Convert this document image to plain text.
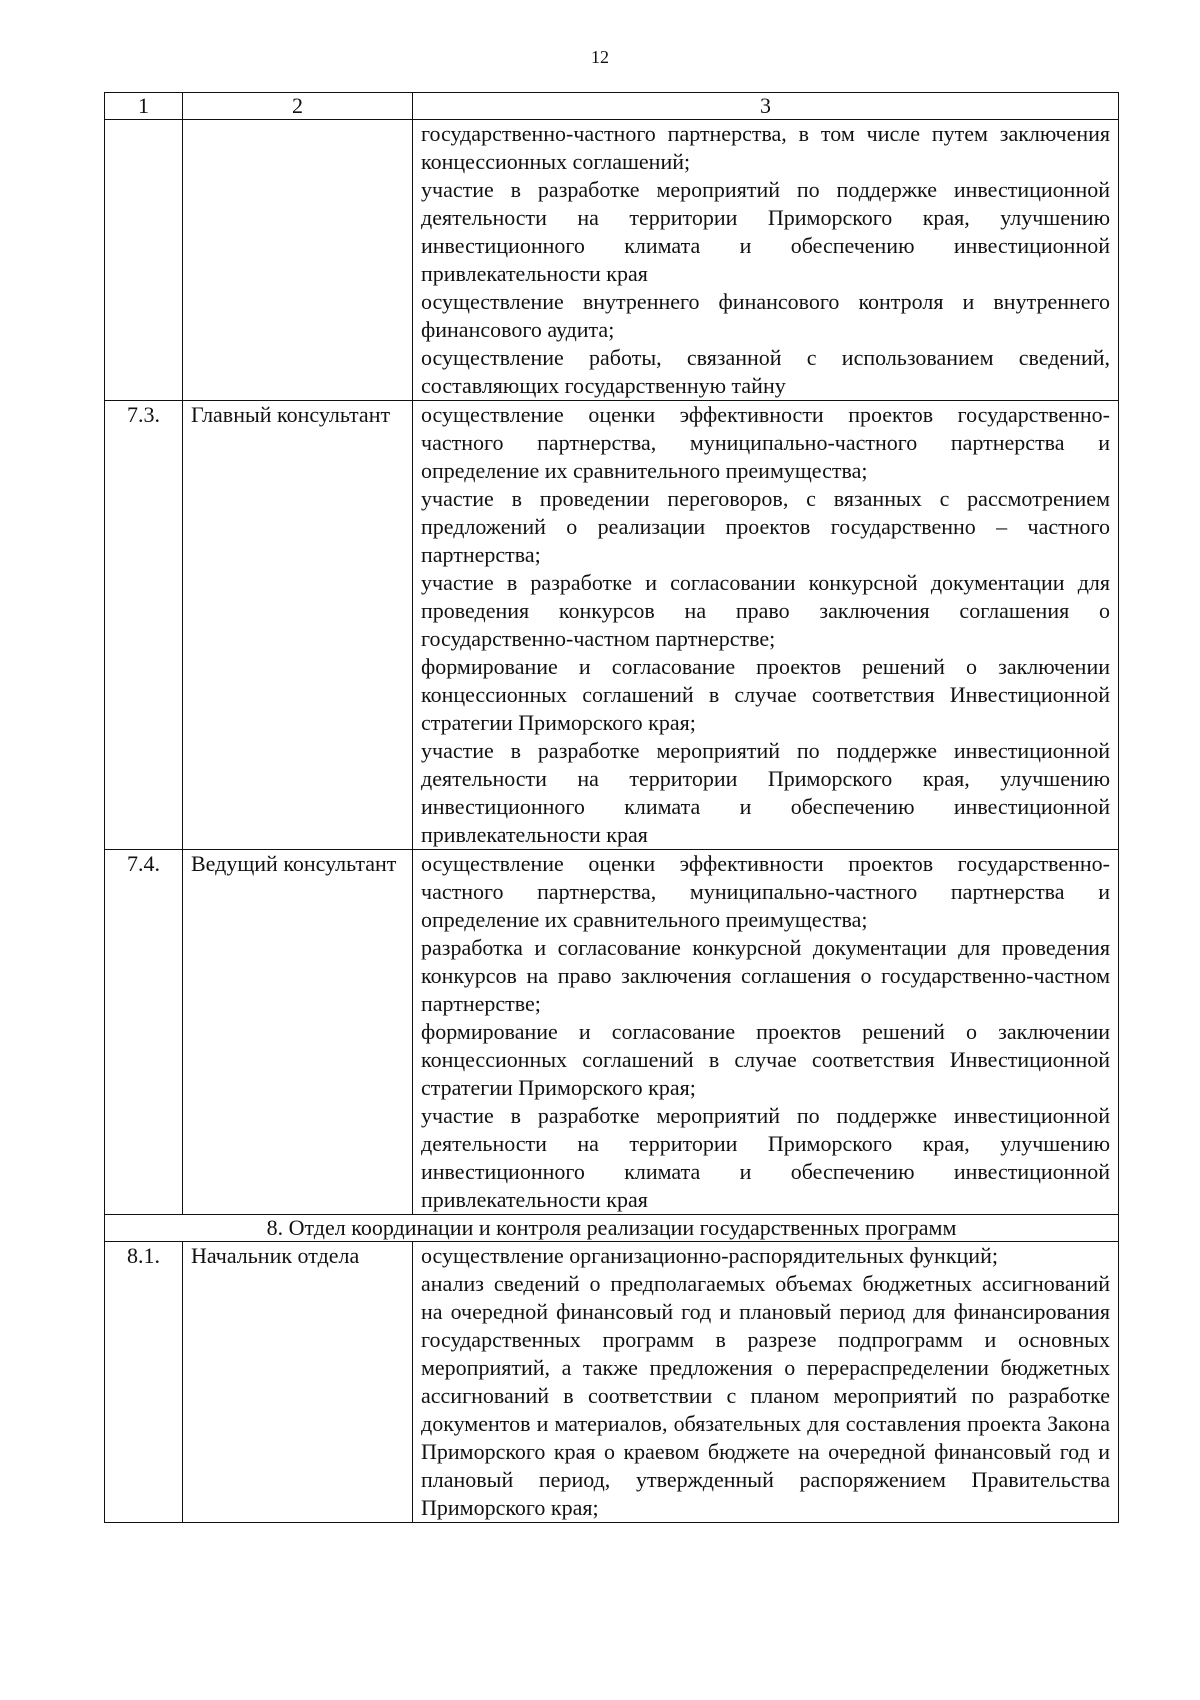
12
1	2	3

		государственно-частного партнерства, в том числе путем заключения концессионных соглашений;
участие в разработке мероприятий по поддержке инвестиционной деятельности на территории Приморского края, улучшению инвестиционного климата и обеспечению инвестиционной привлекательности края
осуществление внутреннего финансового контроля и внутреннего финансового аудита;
осуществление работы, связанной с использованием сведений, составляющих государственную тайну

7.3.	Главный консультант	осуществление оценки эффективности проектов государственно-частного партнерства, муниципально-частного партнерства и определение их сравнительного преимущества;
участие в проведении переговоров, с вязанных с рассмотрением предложений о реализации проектов государственно – частного партнерства;
участие в разработке и согласовании конкурсной документации для проведения конкурсов на право заключения соглашения о государственно-частном партнерстве;
формирование и согласование проектов решений о заключении концессионных соглашений в случае соответствия Инвестиционной стратегии Приморского края;
участие в разработке мероприятий по поддержке инвестиционной деятельности на территории Приморского края, улучшению инвестиционного климата и обеспечению инвестиционной привлекательности края

7.4.	Ведущий консультант	осуществление оценки эффективности проектов государственно-частного партнерства, муниципально-частного партнерства и определение их сравнительного преимущества;
разработка и согласование конкурсной документации для проведения конкурсов на право заключения соглашения о государственно-частном партнерстве;
формирование и согласование проектов решений о заключении концессионных соглашений в случае соответствия Инвестиционной стратегии Приморского края;
участие в разработке мероприятий по поддержке инвестиционной деятельности на территории Приморского края, улучшению инвестиционного климата и обеспечению инвестиционной привлекательности края

8. Отдел координации и контроля реализации государственных программ		
8.1.	Начальник отдела	осуществление организационно-распорядительных функций;
анализ сведений о предполагаемых объемах бюджетных ассигнований на очередной финансовый год и плановый период для финансирования государственных программ в разрезе подпрограмм и основных мероприятий, а также предложения о перераспределении бюджетных ассигнований в соответствии с планом мероприятий по разработке документов и материалов, обязательных для составления проекта Закона Приморского края о краевом бюджете на очередной финансовый год и плановый период, утвержденный распоряжением Правительства Приморского края;
